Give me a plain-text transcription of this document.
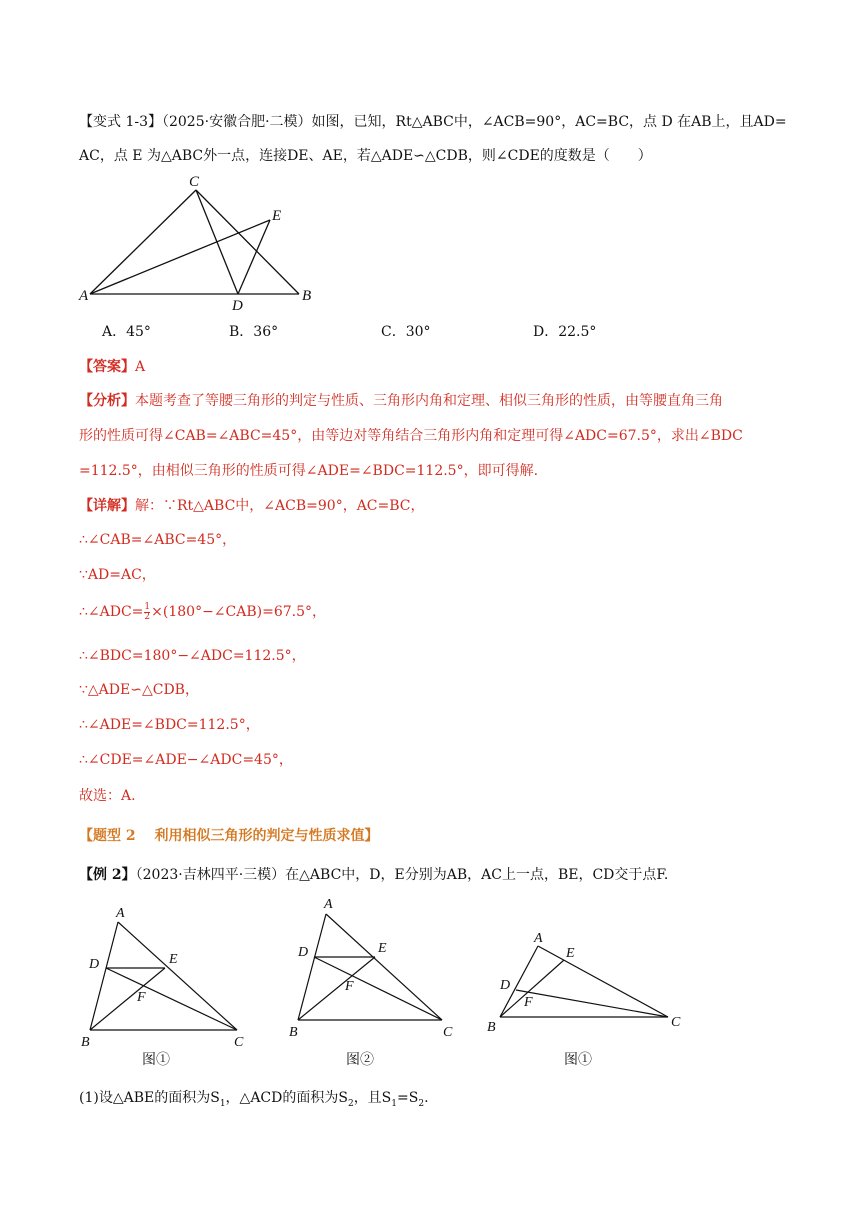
【变式 1-3】（2025·安徽合肥·二模）如图，已知，Rt△ABC中，∠ACB=90°，AC=BC，点 D 在AB上，且AD=
AC，点 E 为△ABC外一点，连接DE、AE，若△ADE∽△CDB，则∠CDE的度数是（　　）
C
E
A
D
B
A．45°	B．36°	C．30°	D．22.5°
【答案】A
【分析】本题考查了等腰三角形的判定与性质、三角形内角和定理、相似三角形的性质，由等腰直角三角
形的性质可得∠CAB=∠ABC=45°，由等边对等角结合三角形内角和定理可得∠ADC=67.5°，求出∠BDC
=112.5°，由相似三角形的性质可得∠ADE=∠BDC=112.5°，即可得解.
【详解】解：∵Rt△ABC中，∠ACB=90°，AC=BC，
∴∠CAB=∠ABC=45°，
∵AD=AC，
∴∠ADC= $\frac{1}{2}$ ×(180°−∠CAB)=67.5°，
∴∠BDC=180°−∠ADC=112.5°，
∵△ADE∽△CDB，
∴∠ADE=∠BDC=112.5°，
∴∠CDE=∠ADE−∠ADC=45°，
故选：A.
【题型 2　 利用相似三角形的判定与性质求值】
【例 2】（2023·吉林四平·三模）在△ABC中，D，E分别为AB，AC上一点，BE，CD交于点F.
A
D	E
F
B	C
A
D	E
F
B	C
A
D
E
F
B	C
图①	图②	图①
(1)设△ABE的面积为$S_1$，△ACD的面积为$S_2$，且$S_1=S_2$.
